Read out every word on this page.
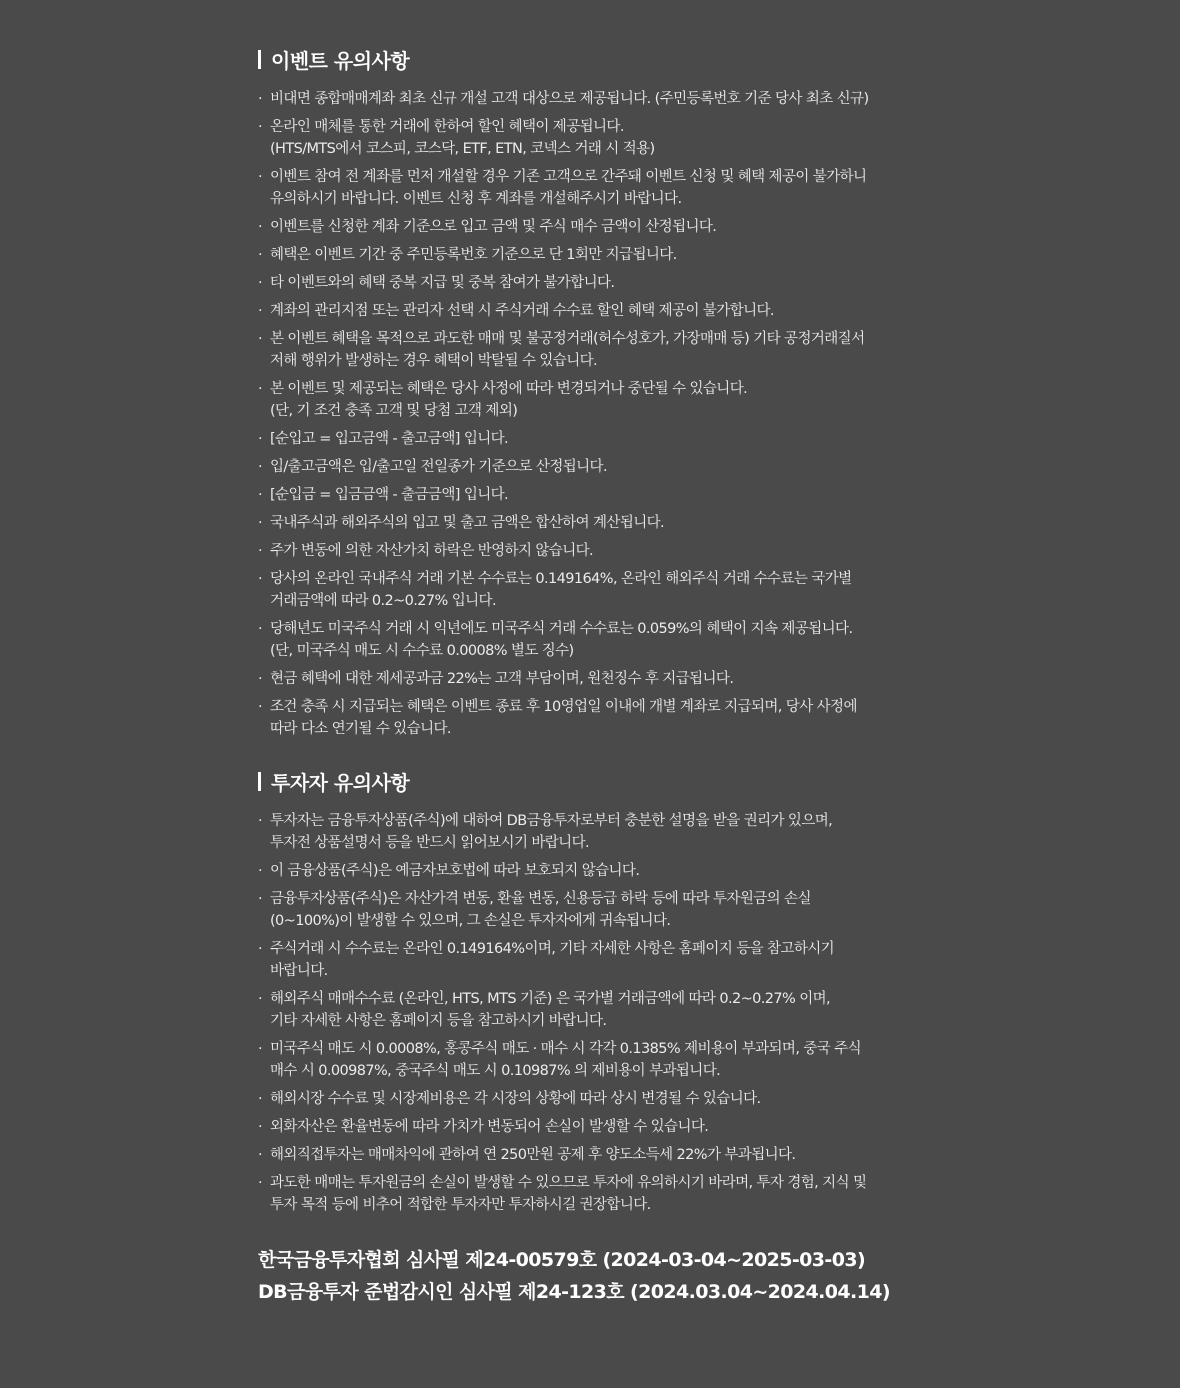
이벤트 유의사항
· 비대면 종합매매계좌 최초 신규 개설 고객 대상으로 제공됩니다. (주민등록번호 기준 당사 최초 신규)
· 온라인 매체를 통한 거래에 한하여 할인 혜택이 제공됩니다.
(HTS/MTS에서 코스피, 코스닥, ETF, ETN, 코넥스 거래 시 적용)
· 이벤트 참여 전 계좌를 먼저 개설할 경우 기존 고객으로 간주돼 이벤트 신청 및 혜택 제공이 불가하니
유의하시기 바랍니다. 이벤트 신청 후 계좌를 개설해주시기 바랍니다.
· 이벤트를 신청한 계좌 기준으로 입고 금액 및 주식 매수 금액이 산정됩니다.
· 혜택은 이벤트 기간 중 주민등록번호 기준으로 단 1회만 지급됩니다.
· 타 이벤트와의 혜택 중복 지급 및 중복 참여가 불가합니다.
· 계좌의 관리지점 또는 관리자 선택 시 주식거래 수수료 할인 혜택 제공이 불가합니다.
· 본 이벤트 혜택을 목적으로 과도한 매매 및 불공정거래(허수성호가, 가장매매 등) 기타 공정거래질서
저해 행위가 발생하는 경우 혜택이 박탈될 수 있습니다.
· 본 이벤트 및 제공되는 혜택은 당사 사정에 따라 변경되거나 중단될 수 있습니다.
(단, 기 조건 충족 고객 및 당첨 고객 제외)
· [순입고 = 입고금액 - 출고금액] 입니다.
· 입/출고금액은 입/출고일 전일종가 기준으로 산정됩니다.
· [순입금 = 입금금액 - 출금금액] 입니다.
· 국내주식과 해외주식의 입고 및 출고 금액은 합산하여 계산됩니다.
· 주가 변동에 의한 자산가치 하락은 반영하지 않습니다.
· 당사의 온라인 국내주식 거래 기본 수수료는 0.149164%, 온라인 해외주식 거래 수수료는 국가별
거래금액에 따라 0.2~0.27% 입니다.
· 당해년도 미국주식 거래 시 익년에도 미국주식 거래 수수료는 0.059%의 혜택이 지속 제공됩니다.
(단, 미국주식 매도 시 수수료 0.0008% 별도 징수)
· 현금 혜택에 대한 제세공과금 22%는 고객 부담이며, 원천징수 후 지급됩니다.
· 조건 충족 시 지급되는 혜택은 이벤트 종료 후 10영업일 이내에 개별 계좌로 지급되며, 당사 사정에
따라 다소 연기될 수 있습니다.
투자자 유의사항
· 투자자는 금융투자상품(주식)에 대하여 DB금융투자로부터 충분한 설명을 받을 권리가 있으며,
투자전 상품설명서 등을 반드시 읽어보시기 바랍니다.
· 이 금융상품(주식)은 예금자보호법에 따라 보호되지 않습니다.
· 금융투자상품(주식)은 자산가격 변동, 환율 변동, 신용등급 하락 등에 따라 투자원금의 손실
(0~100%)이 발생할 수 있으며, 그 손실은 투자자에게 귀속됩니다.
· 주식거래 시 수수료는 온라인 0.149164%이며, 기타 자세한 사항은 홈페이지 등을 참고하시기
바랍니다.
· 해외주식 매매수수료 (온라인, HTS, MTS 기준) 은 국가별 거래금액에 따라 0.2~0.27% 이며,
기타 자세한 사항은 홈페이지 등을 참고하시기 바랍니다.
· 미국주식 매도 시 0.0008%, 홍콩주식 매도 · 매수 시 각각 0.1385% 제비용이 부과되며, 중국 주식
매수 시 0.00987%, 중국주식 매도 시 0.10987% 의 제비용이 부과됩니다.
· 해외시장 수수료 및 시장제비용은 각 시장의 상황에 따라 상시 변경될 수 있습니다.
· 외화자산은 환율변동에 따라 가치가 변동되어 손실이 발생할 수 있습니다.
· 해외직접투자는 매매차익에 관하여 연 250만원 공제 후 양도소득세 22%가 부과됩니다.
· 과도한 매매는 투자원금의 손실이 발생할 수 있으므로 투자에 유의하시기 바라며, 투자 경험, 지식 및
투자 목적 등에 비추어 적합한 투자자만 투자하시길 권장합니다.
한국금융투자협회 심사필 제24-00579호 (2024-03-04~2025-03-03)
DB금융투자 준법감시인 심사필 제24-123호 (2024.03.04~2024.04.14)
